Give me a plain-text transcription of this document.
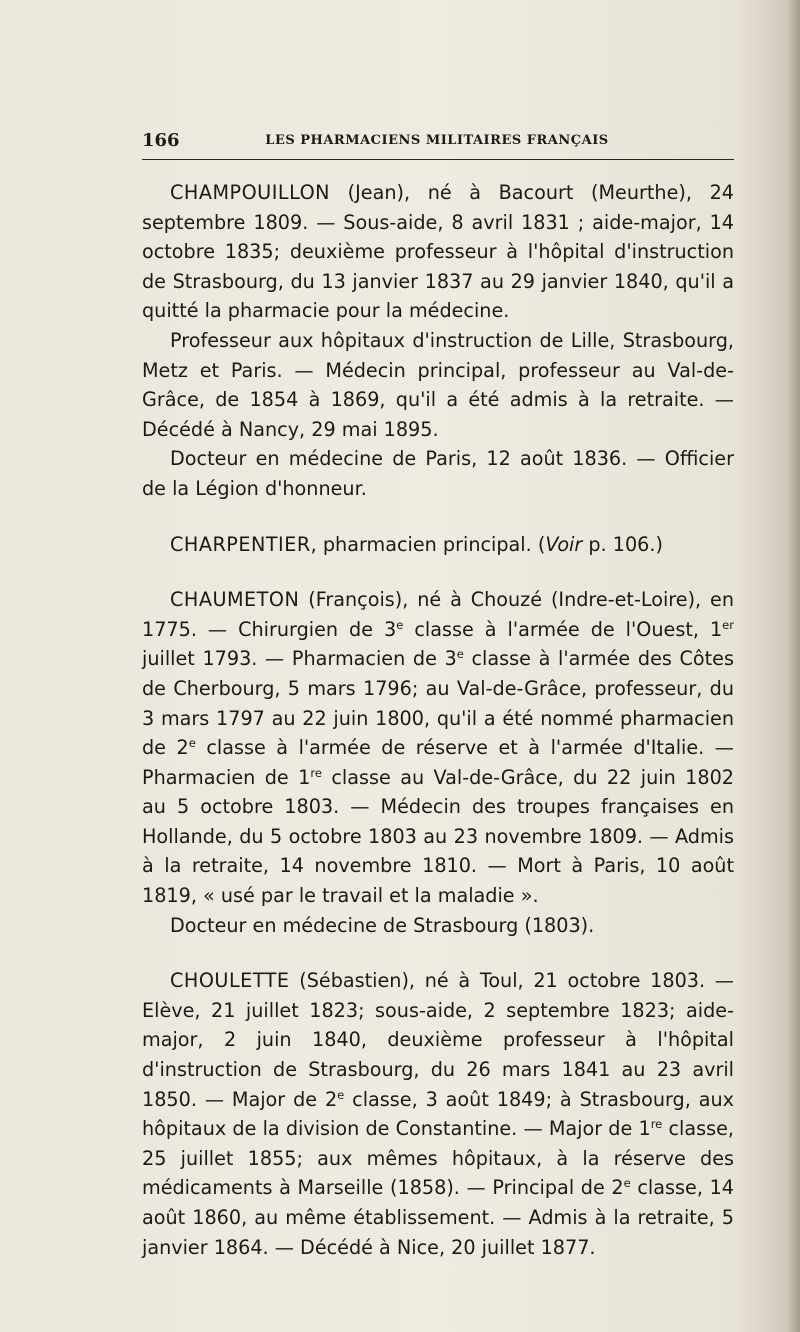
166	LES PHARMACIENS MILITAIRES FRANÇAIS

CHAMPOUILLON (Jean), né à Bacourt (Meurthe), 24 septembre 1809. — Sous-aide, 8 avril 1831 ; aide-major, 14 octobre 1835; deuxième professeur à l'hôpital d'instruction de Strasbourg, du 13 janvier 1837 au 29 janvier 1840, qu'il a quitté la pharmacie pour la médecine.

Professeur aux hôpitaux d'instruction de Lille, Strasbourg, Metz et Paris. — Médecin principal, professeur au Val-de-Grâce, de 1854 à 1869, qu'il a été admis à la retraite. — Décédé à Nancy, 29 mai 1895.

Docteur en médecine de Paris, 12 août 1836. — Officier de la Légion d'honneur.

CHARPENTIER, pharmacien principal. (Voir p. 106.)

CHAUMETON (François), né à Chouzé (Indre-et-Loire), en 1775. — Chirurgien de 3e classe à l'armée de l'Ouest, 1er juillet 1793. — Pharmacien de 3e classe à l'armée des Côtes de Cherbourg, 5 mars 1796; au Val-de-Grâce, professeur, du 3 mars 1797 au 22 juin 1800, qu'il a été nommé pharmacien de 2e classe à l'armée de réserve et à l'armée d'Italie. — Pharmacien de 1re classe au Val-de-Grâce, du 22 juin 1802 au 5 octobre 1803. — Médecin des troupes françaises en Hollande, du 5 octobre 1803 au 23 novembre 1809. — Admis à la retraite, 14 novembre 1810. — Mort à Paris, 10 août 1819, « usé par le travail et la maladie ».

Docteur en médecine de Strasbourg (1803).

CHOULETTE (Sébastien), né à Toul, 21 octobre 1803. — Elève, 21 juillet 1823; sous-aide, 2 septembre 1823; aide-major, 2 juin 1840, deuxième professeur à l'hôpital d'instruction de Strasbourg, du 26 mars 1841 au 23 avril 1850. — Major de 2e classe, 3 août 1849; à Strasbourg, aux hôpitaux de la division de Constantine. — Major de 1re classe, 25 juillet 1855; aux mêmes hôpitaux, à la réserve des médicaments à Marseille (1858). — Principal de 2e classe, 14 août 1860, au même établissement. — Admis à la retraite, 5 janvier 1864. — Décédé à Nice, 20 juillet 1877.
